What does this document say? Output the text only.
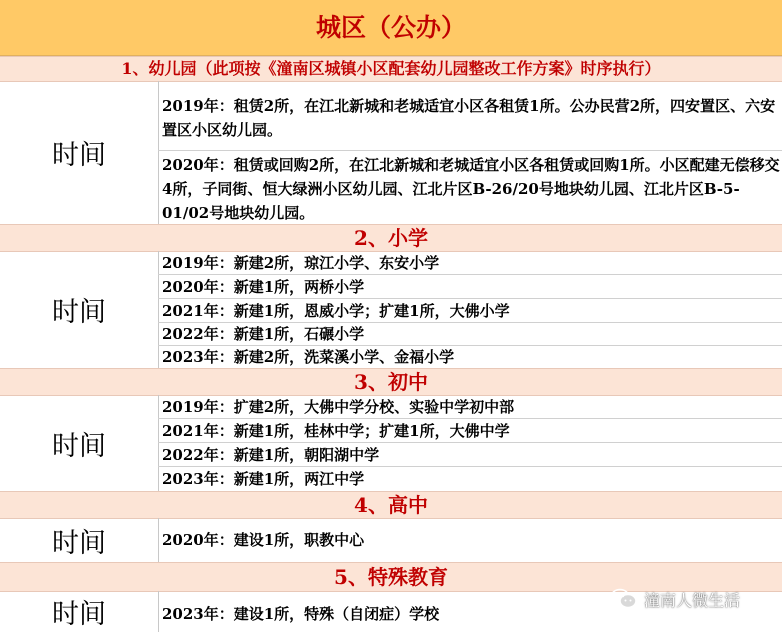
城区（公办）
1、幼儿园（此项按《潼南区城镇小区配套幼儿园整改工作方案》时序执行）
时间
2019年：租赁2所，在江北新城和老城适宜小区各租赁1所。公办民营2所，四安置区、六安置区小区幼儿园。
2020年：租赁或回购2所，在江北新城和老城适宜小区各租赁或回购1所。小区配建无偿移交4所，子同街、恒大绿洲小区幼儿园、江北片区B-26/20号地块幼儿园、江北片区B-5-01/02号地块幼儿园。
2、小学
时间
2019年：新建2所，琼江小学、东安小学
2020年：新建1所，两桥小学
2021年：新建1所，恩威小学；扩建1所，大佛小学
2022年：新建1所，石碾小学
2023年：新建2所，洗菜溪小学、金福小学
3、初中
时间
2019年：扩建2所，大佛中学分校、实验中学初中部
2021年：新建1所，桂林中学；扩建1所，大佛中学
2022年：新建1所，朝阳湖中学
2023年：新建1所，两江中学
4、高中
时间	2020年：建设1所，职教中心
5、特殊教育
时间	2023年：建设1所，特殊（自闭症）学校
潼南人微生活
